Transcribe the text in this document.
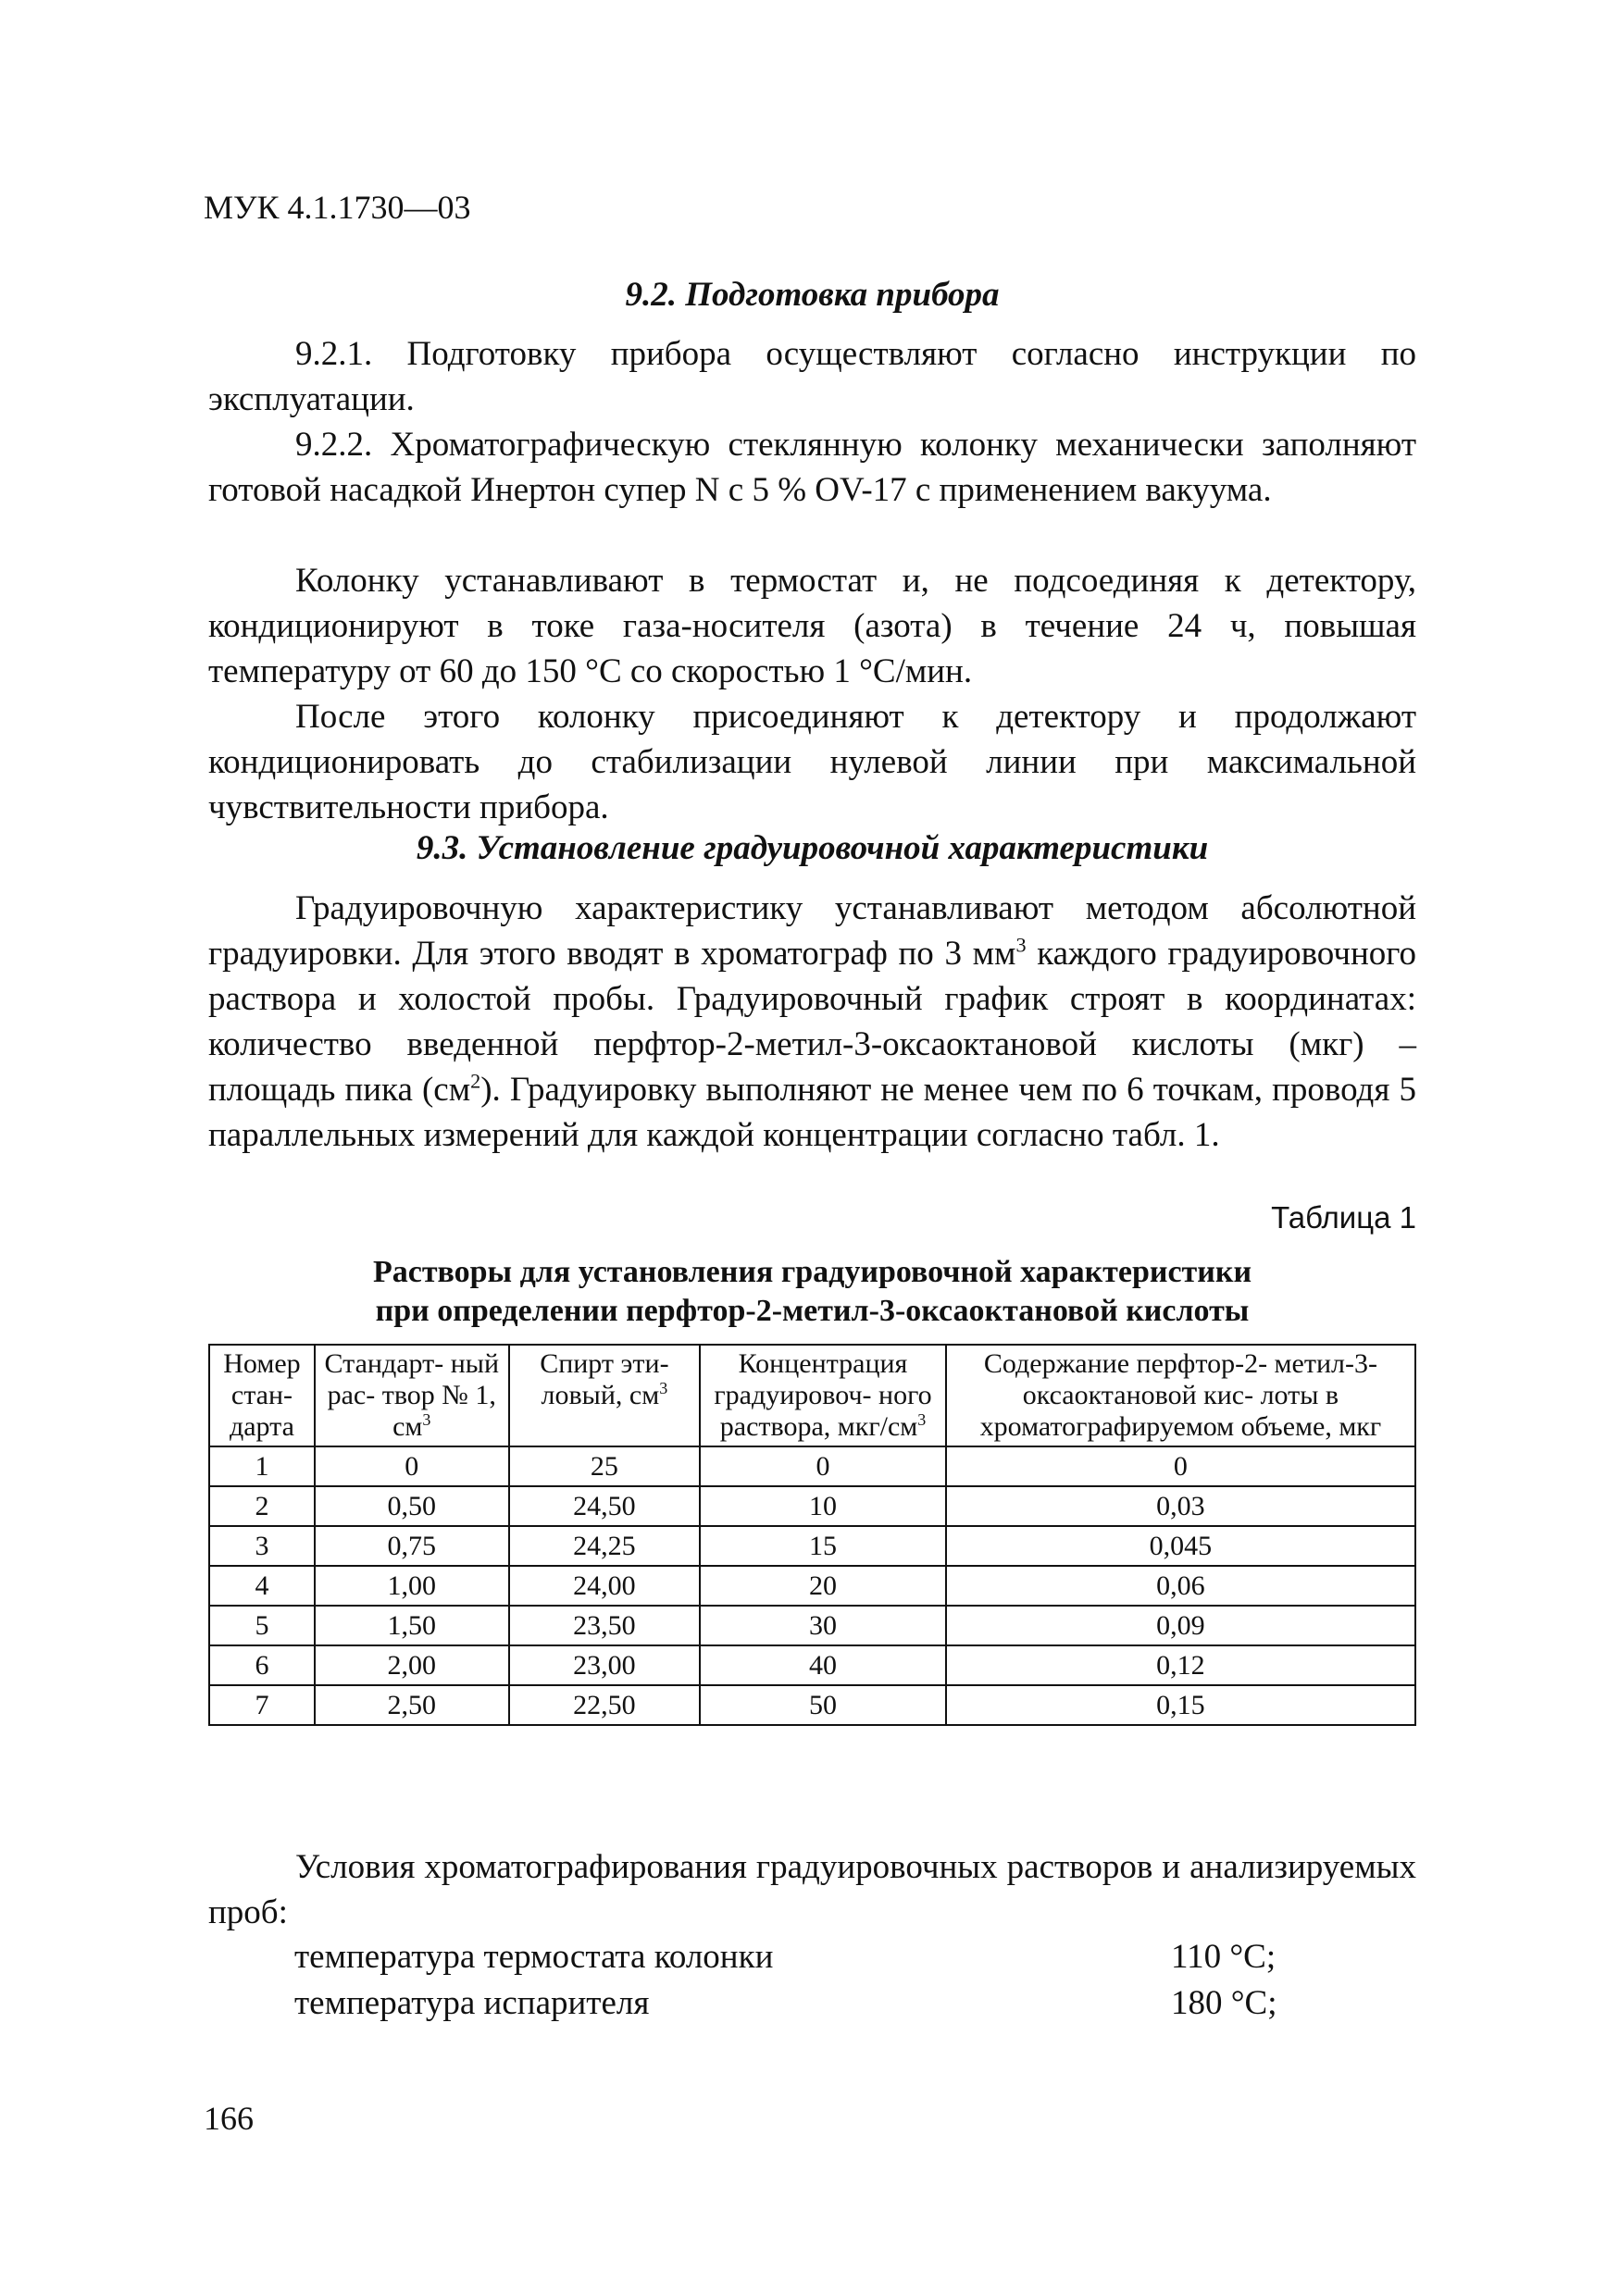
МУК 4.1.1730—03
9.2. Подготовка прибора

9.2.1. Подготовку прибора осуществляют согласно инструкции по эксплуатации.

9.2.2. Хроматографическую стеклянную колонку механически заполняют готовой насадкой Инертон супер N с 5 % OV-17 с применением вакуума.

Колонку устанавливают в термостат и, не подсоединяя к детектору, кондиционируют в токе газа-носителя (азота) в течение 24 ч, повышая температуру от 60 до 150 °C со скоростью 1 °С/мин.

После этого колонку присоединяют к детектору и продолжают кондиционировать до стабилизации нулевой линии при максимальной чувствительности прибора.

9.3. Установление градуировочной характеристики

Градуировочную характеристику устанавливают методом абсолютной градуировки. Для этого вводят в хроматограф по 3 $мм^3$ каждого градуировочного раствора и холостой пробы. Градуировочный график строят в координатах: количество введенной перфтор-2-метил-3-оксаоктановой кислоты (мкг) – площадь пика $(см^2)$. Градуировку выполняют не менее чем по 6 точкам, проводя 5 параллельных измерений для каждой концентрации согласно табл. 1.

Таблица 1
Растворы для установления градуировочной характеристики
при определении перфтор-2-метил-3-оксаоктановой кислоты
Номер стан- дарта	Стандарт- ный рас- твор № 1, $см^3$	Спирт эти- ловый, $см^3$	Концентрация градуировоч- ного раствора, мкг/$см^3$	Содержание перфтор-2- метил-3-оксаоктановой кис- лоты в хроматографируемом объеме, мкг
1	0	25	0	0
2	0,50	24,50	10	0,03
3	0,75	24,25	15	0,045
4	1,00	24,00	20	0,06
5	1,50	23,50	30	0,09
6	2,00	23,00	40	0,12
7	2,50	22,50	50	0,15

Условия хроматографирования градуировочных растворов и анализируемых проб:

температура термостата колонки	110 °C;
температура испарителя	180 °C;
166
